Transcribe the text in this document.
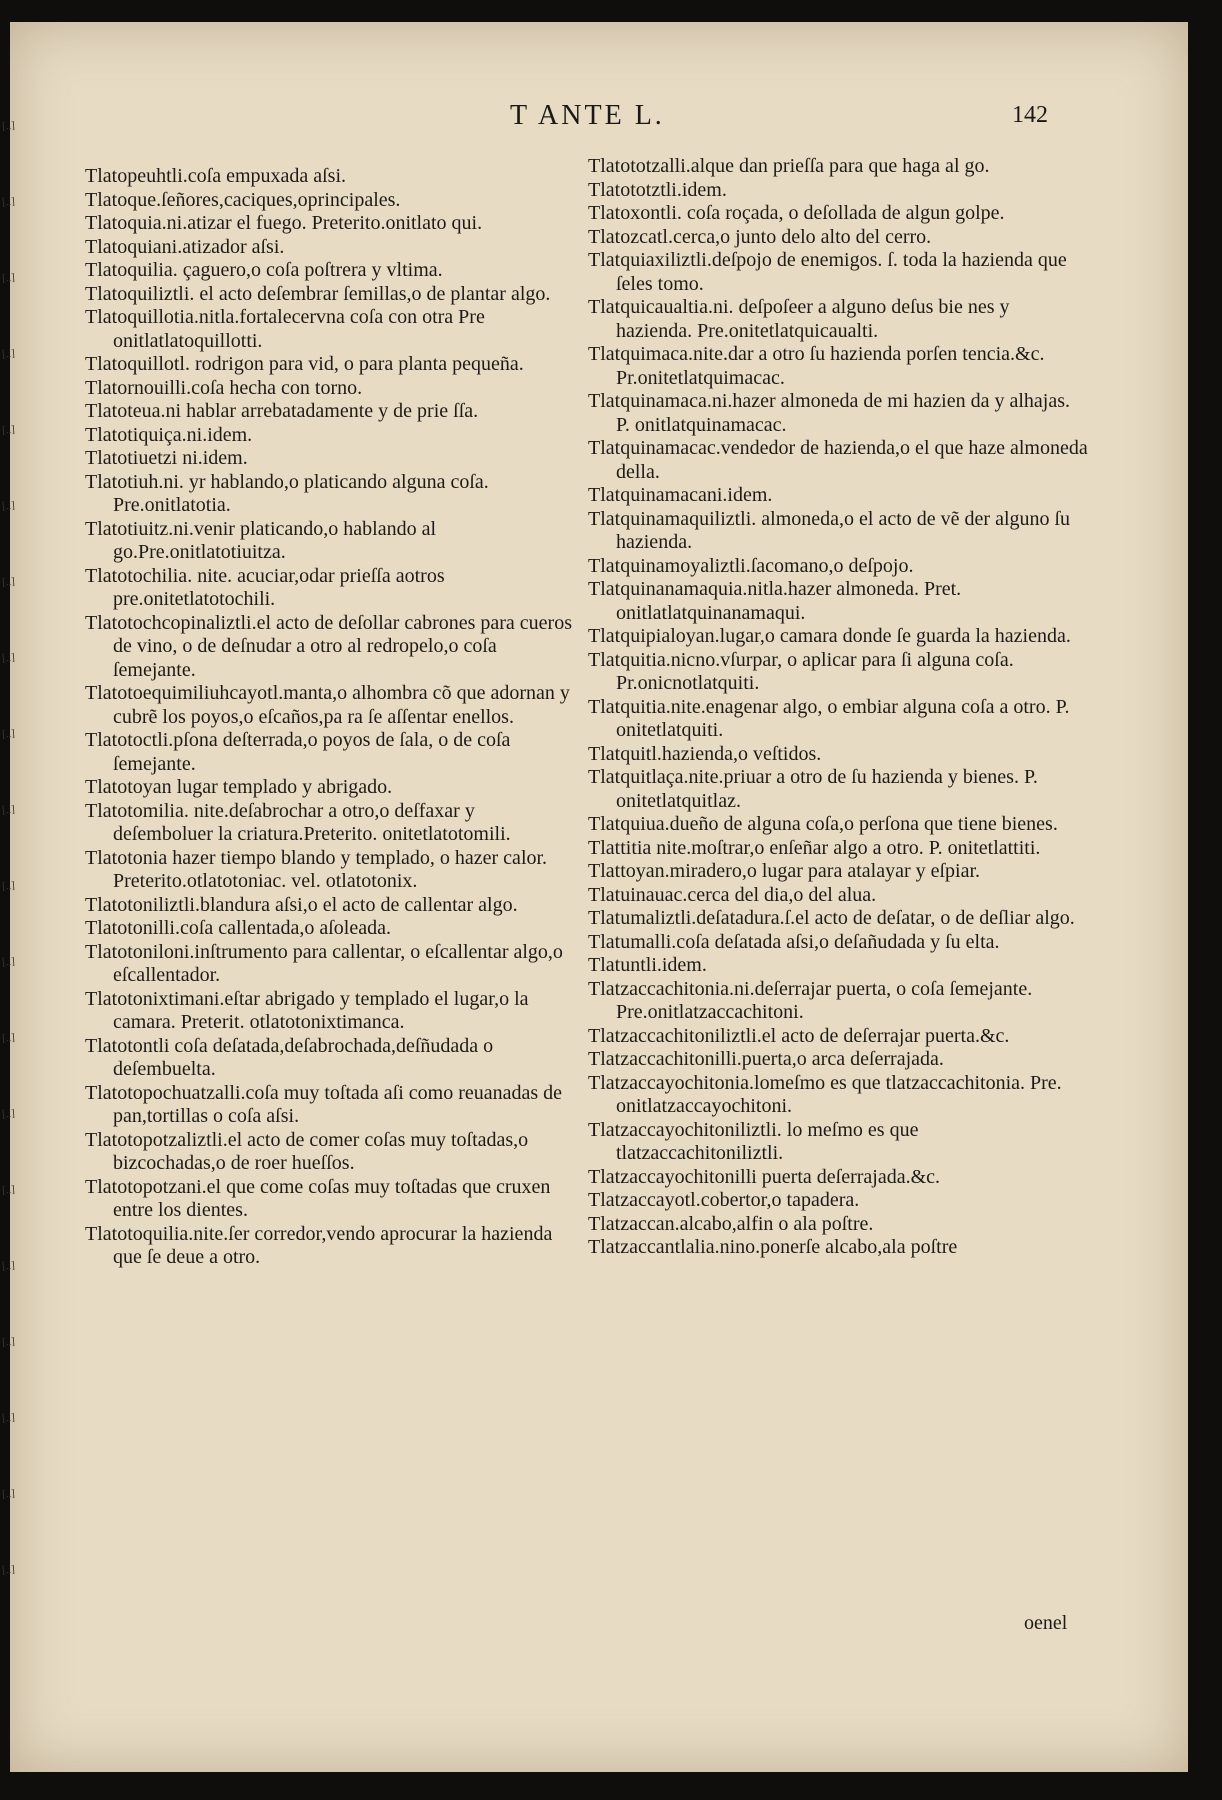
[..]
[..]
[..]
[..]
[..]
[..]
[..]
[..]
[..]
[..]
[..]
[..]
[..]
[..]
[..]
[..]
[..]
[..]
[..]
[..]
T ANTE L.	142

Tlatopeuhtli.coſa empuxada aſsi.

Tlatoque.ſeñores,caciques,oprincipales.

Tlatoquia.ni.atizar el fuego. Preterito.onitlato qui.

Tlatoquiani.atizador aſsi.

Tlatoquilia. çaguero,o coſa poſtrera y vltima.

Tlatoquiliztli. el acto deſembrar ſemillas,o de plantar algo.

Tlatoquillotia.nitla.fortalecervna coſa con otra Pre onitlatlatoquillotti.

Tlatoquillotl. rodrigon para vid, o para planta pequeña.

Tlatornouilli.coſa hecha con torno.

Tlatoteua.ni hablar arrebatadamente y de prie ſſa.

Tlatotiquiça.ni.idem.

Tlatotiuetzi ni.idem.

Tlatotiuh.ni. yr hablando,o platicando alguna coſa. Pre.onitlatotia.

Tlatotiuitz.ni.venir platicando,o hablando al go.Pre.onitlatotiuitza.

Tlatotochilia. nite. acuciar,odar prieſſa aotros pre.onitetlatotochili.

Tlatotochcopinaliztli.el acto de deſollar cabrones para cueros de vino, o de deſnudar a otro al redropelo,o coſa ſemejante.

Tlatotoequimiliuhcayotl.manta,o alhombra cõ que adornan y cubrẽ los poyos,o eſcaños,pa ra ſe aſſentar enellos.

Tlatotoctli.pſona deſterrada,o poyos de ſala, o de coſa ſemejante.

Tlatotoyan lugar templado y abrigado.

Tlatotomilia. nite.deſabrochar a otro,o deſfaxar y deſemboluer la criatura.Preterito. onitetlatotomili.

Tlatotonia hazer tiempo blando y templado, o hazer calor. Preterito.otlatotoniac. vel. otlatotonix.

Tlatotoniliztli.blandura aſsi,o el acto de callentar algo.

Tlatotonilli.coſa callentada,o aſoleada.

Tlatotoniloni.inſtrumento para callentar, o eſcallentar algo,o eſcallentador.

Tlatotonixtimani.eſtar abrigado y templado el lugar,o la camara. Preterit. otlatotonixtimanca.

Tlatotontli coſa deſatada,deſabrochada,deſñudada o deſembuelta.

Tlatotopochuatzalli.coſa muy toſtada aſi como reuanadas de pan,tortillas o coſa aſsi.

Tlatotopotzaliztli.el acto de comer coſas muy toſtadas,o bizcochadas,o de roer hueſſos.

Tlatotopotzani.el que come coſas muy toſtadas que cruxen entre los dientes.

Tlatotoquilia.nite.ſer corredor,vendo aprocurar la hazienda que ſe deue a otro.

Tlatototzalli.alque dan prieſſa para que haga al go.

Tlatototztli.idem.

Tlatoxontli. coſa roçada, o deſollada de algun golpe.

Tlatozcatl.cerca,o junto delo alto del cerro.

Tlatquiaxiliztli.deſpojo de enemigos. ſ. toda la hazienda que ſeles tomo.

Tlatquicaualtia.ni. deſpoſeer a alguno deſus bie nes y hazienda. Pre.onitetlatquicaualti.

Tlatquimaca.nite.dar a otro ſu hazienda porſen tencia.&c. Pr.onitetlatquimacac.

Tlatquinamaca.ni.hazer almoneda de mi hazien da y alhajas. P. onitlatquinamacac.

Tlatquinamacac.vendedor de hazienda,o el que haze almoneda della.

Tlatquinamacani.idem.

Tlatquinamaquiliztli. almoneda,o el acto de vẽ der alguno ſu hazienda.

Tlatquinamoyaliztli.ſacomano,o deſpojo.

Tlatquinanamaquia.nitla.hazer almoneda. Pret. onitlatlatquinanamaqui.

Tlatquipialoyan.lugar,o camara donde ſe guarda la hazienda.

Tlatquitia.nicno.vſurpar, o aplicar para ſi alguna coſa. Pr.onicnotlatquiti.

Tlatquitia.nite.enagenar algo, o embiar alguna coſa a otro. P. onitetlatquiti.

Tlatquitl.hazienda,o veſtidos.

Tlatquitlaça.nite.priuar a otro de ſu hazienda y bienes. P. onitetlatquitlaz.

Tlatquiua.dueño de alguna coſa,o perſona que tiene bienes.

Tlattitia nite.moſtrar,o enſeñar algo a otro. P. onitetlattiti.

Tlattoyan.miradero,o lugar para atalayar y eſpiar.

Tlatuinauac.cerca del dia,o del alua.

Tlatumaliztli.deſatadura.ſ.el acto de deſatar, o de deſliar algo.

Tlatumalli.coſa deſatada aſsi,o deſañudada y ſu elta.

Tlatuntli.idem.

Tlatzaccachitonia.ni.deſerrajar puerta, o coſa ſemejante. Pre.onitlatzaccachitoni.

Tlatzaccachitoniliztli.el acto de deſerrajar puerta.&c.

Tlatzaccachitonilli.puerta,o arca deſerrajada.

Tlatzaccayochitonia.lomeſmo es que tlatzaccachitonia. Pre. onitlatzaccayochitoni.

Tlatzaccayochitoniliztli. lo meſmo es que tlatzaccachitoniliztli.

Tlatzaccayochitonilli puerta deſerrajada.&c.

Tlatzaccayotl.cobertor,o tapadera.

Tlatzaccan.alcabo,alfin o ala poſtre.

Tlatzaccantlalia.nino.ponerſe alcabo,ala poſtre

oenel
